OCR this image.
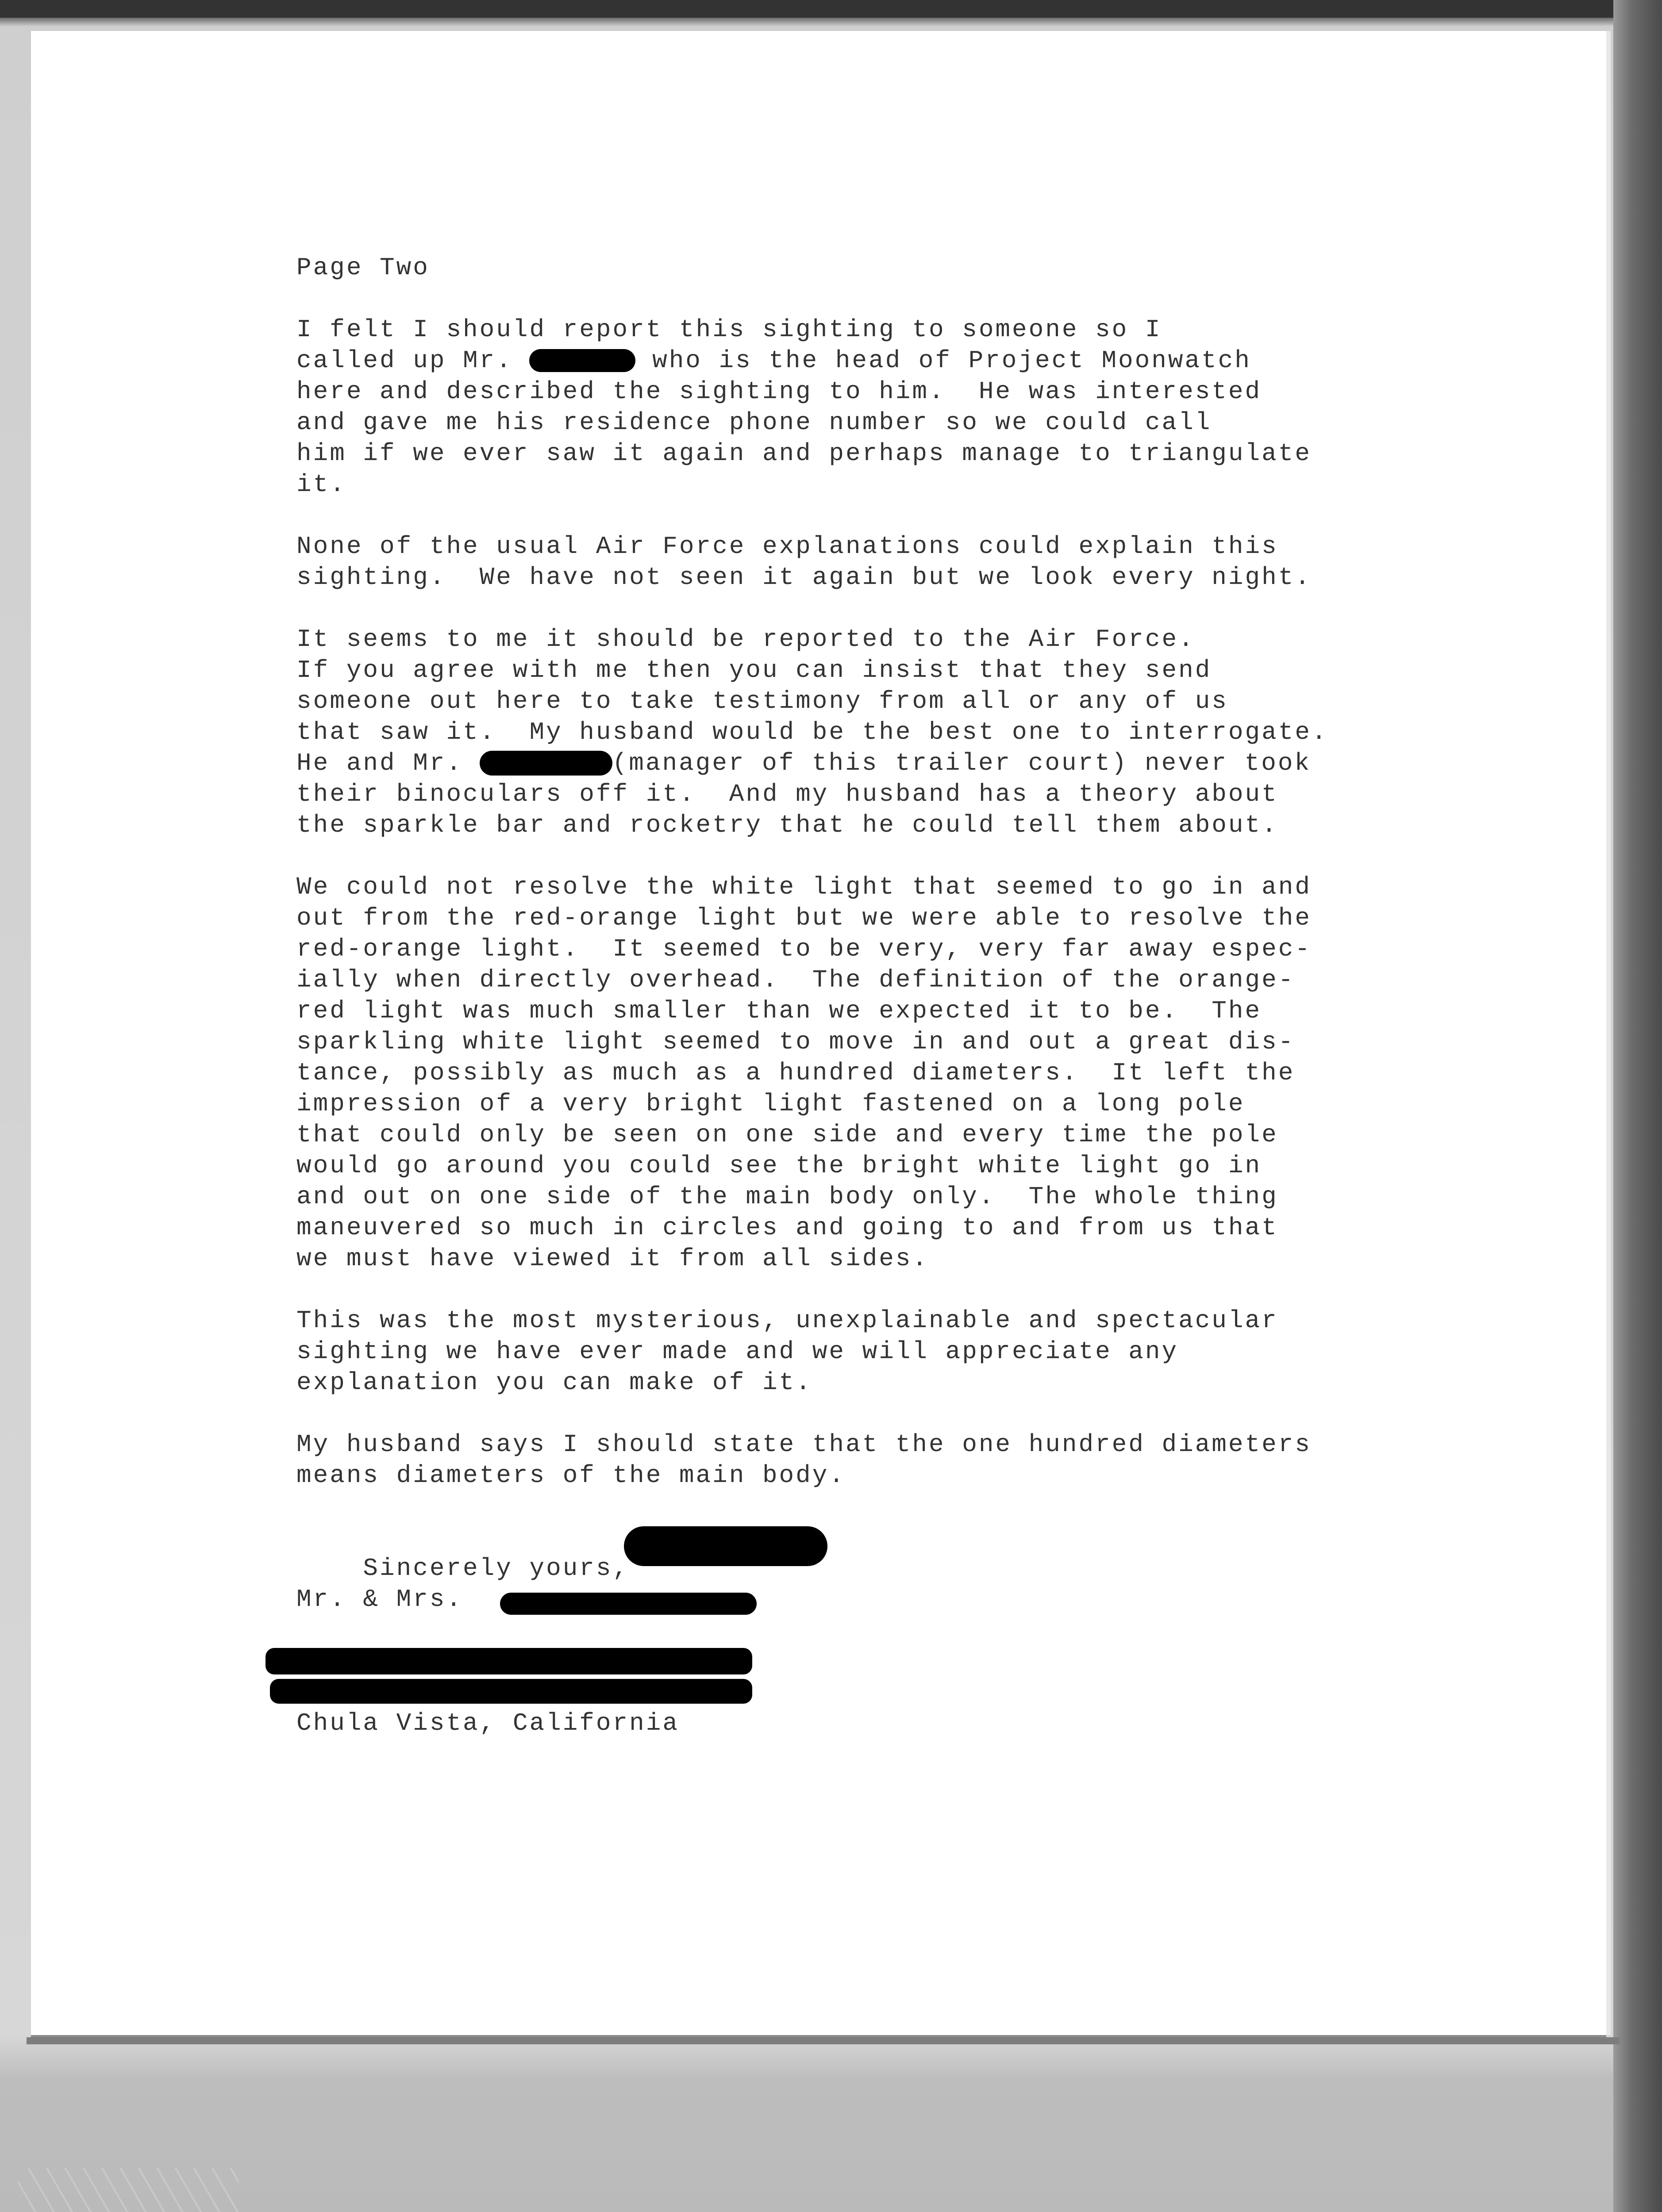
Page Two
I felt I should report this sighting to someone so I
called up Mr.	who is the head of Project Moonwatch
here and described the sighting to him.  He was interested
and gave me his residence phone number so we could call
him if we ever saw it again and perhaps manage to triangulate
it.
None of the usual Air Force explanations could explain this
sighting.  We have not seen it again but we look every night.
It seems to me it should be reported to the Air Force.
If you agree with me then you can insist that they send
someone out here to take testimony from all or any of us
that saw it.  My husband would be the best one to interrogate.
He and Mr.	(manager of this trailer court) never took
their binoculars off it.  And my husband has a theory about
the sparkle bar and rocketry that he could tell them about.
We could not resolve the white light that seemed to go in and
out from the red-orange light but we were able to resolve the
red-orange light.  It seemed to be very, very far away espec-
ially when directly overhead.  The definition of the orange-
red light was much smaller than we expected it to be.  The
sparkling white light seemed to move in and out a great dis-
tance, possibly as much as a hundred diameters.  It left the
impression of a very bright light fastened on a long pole
that could only be seen on one side and every time the pole
would go around you could see the bright white light go in
and out on one side of the main body only.  The whole thing
maneuvered so much in circles and going to and from us that
we must have viewed it from all sides.
This was the most mysterious, unexplainable and spectacular
sighting we have ever made and we will appreciate any
explanation you can make of it.
My husband says I should state that the one hundred diameters
means diameters of the main body.

Sincerely yours,

Mr. & Mrs.
Chula Vista, California
